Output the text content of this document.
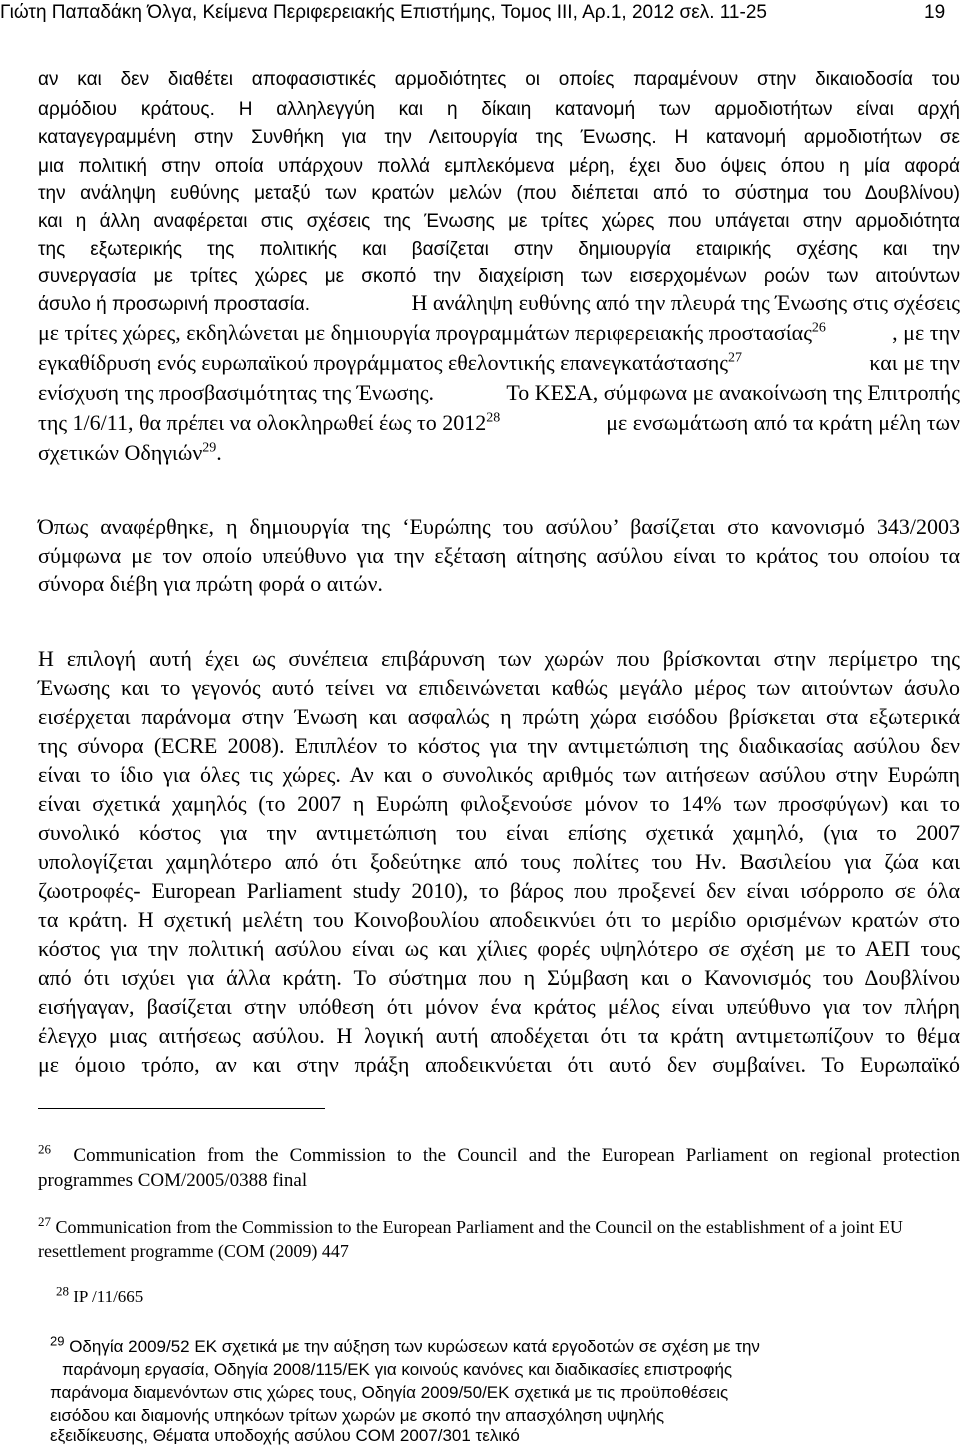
Γιώτη Παπαδάκη Όλγα, Κείμενα Περιφερειακής Επιστήμης, Τομος ΙΙΙ, Αρ.1, 2012 σελ. 11-25	19
αν και δεν διαθέτει αποφασιστικές αρμοδιότητες οι οποίες παραμένουν στην δικαιοδοσία του
αρμόδιου κράτους. Η αλληλεγγύη και η δίκαιη κατανομή των αρμοδιοτήτων είναι αρχή
καταγεγραμμένη στην Συνθήκη για την Λειτουργία της Ένωσης. Η κατανομή αρμοδιοτήτων σε
μια πολιτική στην οποία υπάρχουν πολλά εμπλεκόμενα μέρη, έχει δυο όψεις όπου η μία αφορά
την ανάληψη ευθύνης μεταξύ των κρατών μελών (που διέπεται από το σύστημα του Δουβλίνου)
και η άλλη αναφέρεται στις σχέσεις της Ένωσης με τρίτες χώρες που υπάγεται στην αρμοδιότητα
της εξωτερικής της πολιτικής και βασίζεται στην δημιουργία εταιρικής σχέσης και την
συνεργασία με τρίτες χώρες με σκοπό την διαχείριση των εισερχομένων ροών των αιτούντων
άσυλο ή προσωρινή προστασία.	Η ανάληψη ευθύνης από την πλευρά της Ένωσης στις σχέσεις
με τρίτες χώρες, εκδηλώνεται με δημιουργία προγραμμάτων περιφερειακής προστασίας$^{26}$	, με την
εγκαθίδρυση ενός ευρωπαϊκού προγράμματος εθελοντικής επανεγκατάστασης$^{27}$	και με την
ενίσχυση της προσβασιμότητας της Ένωσης.	Το ΚΕΣΑ, σύμφωνα με ανακοίνωση της Επιτροπής
της 1/6/11, θα πρέπει να ολοκληρωθεί έως το 2012$^{28}$	με ενσωμάτωση από τα κράτη μέλη των
σχετικών Οδηγιών$^{29}$.
Όπως αναφέρθηκε, η δημιουργία της ‘Ευρώπης του ασύλου’ βασίζεται στο κανονισμό 343/2003
σύμφωνα με τον οποίο υπεύθυνο για την εξέταση αίτησης ασύλου είναι το κράτος του οποίου τα
σύνορα διέβη για πρώτη φορά ο αιτών.
Η επιλογή αυτή έχει ως συνέπεια επιβάρυνση των χωρών που βρίσκονται στην περίμετρο της
Ένωσης και το γεγονός αυτό τείνει να επιδεινώνεται καθώς μεγάλο μέρος των αιτούντων άσυλο
εισέρχεται παράνομα στην Ένωση και ασφαλώς η πρώτη χώρα εισόδου βρίσκεται στα εξωτερικά
της σύνορα (ECRE 2008). Επιπλέον το κόστος για την αντιμετώπιση της διαδικασίας ασύλου δεν
είναι το ίδιο για όλες τις χώρες. Αν και ο συνολικός αριθμός των αιτήσεων ασύλου στην Ευρώπη
είναι σχετικά χαμηλός (το 2007 η Ευρώπη φιλοξενούσε μόνον το 14% των προσφύγων) και το
συνολικό κόστος για την αντιμετώπιση του είναι επίσης σχετικά χαμηλό, (για το 2007
υπολογίζεται χαμηλότερο από ότι ξοδεύτηκε από τους πολίτες του Ην. Βασιλείου για ζώα και
ζωοτροφές- European Parliament study 2010), το βάρος που προξενεί δεν είναι ισόρροπο σε όλα
τα κράτη. Η σχετική μελέτη του Κοινοβουλίου αποδεικνύει ότι το μερίδιο ορισμένων κρατών στο
κόστος για την πολιτική ασύλου είναι ως και χίλιες φορές υψηλότερο σε σχέση με το ΑΕΠ τους
από ότι ισχύει για άλλα κράτη. Το σύστημα που η Σύμβαση και ο Κανονισμός του Δουβλίνου
εισήγαγαν, βασίζεται στην υπόθεση ότι μόνον ένα κράτος μέλος είναι υπεύθυνο για τον πλήρη
έλεγχο μιας αιτήσεως ασύλου. Η λογική αυτή αποδέχεται ότι τα κράτη αντιμετωπίζουν το θέμα
με όμοιο τρόπο, αν και στην πράξη αποδεικνύεται ότι αυτό δεν συμβαίνει. Το Ευρωπαϊκό
$^{26}$ Communication from the Commission to the Council and the European Parliament on regional protection
programmes COM/2005/0388 final
$^{27}$ Communication from the Commission to the European Parliament and the Council on the establishment of a joint EU
resettlement programme (COM (2009) 447
$^{28}$ IP /11/665
$^{29}$ Οδηγία 2009/52 ΕΚ σχετικά με την αύξηση των κυρώσεων κατά εργοδοτών σε σχέση με την
παράνομη εργασία, Οδηγία 2008/115/ΕΚ για κοινούς κανόνες και διαδικασίες επιστροφής
παράνομα διαμενόντων στις χώρες τους, Οδηγία 2009/50/ΕΚ σχετικά με τις προϋποθέσεις
εισόδου και διαμονής υπηκόων τρίτων χωρών με σκοπό την απασχόληση υψηλής
εξειδίκευσης, Θέματα υποδοχής ασύλου COM 2007/301 τελικό
